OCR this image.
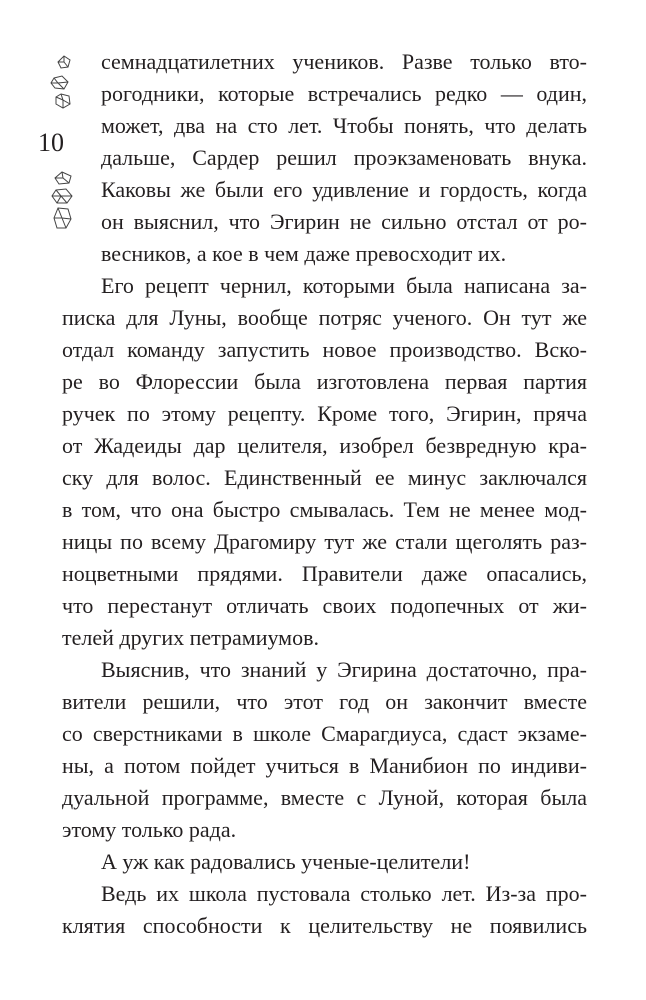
10
семнадцатилетних учеников. Разве только вто-
рогодники, которые встречались редко — один,
может, два на сто лет. Чтобы понять, что делать
дальше, Сардер решил проэкзаменовать внука.
Каковы же были его удивление и гордость, когда
он выяснил, что Эгирин не сильно отстал от ро-
весников, а кое в чем даже превосходит их.
Его рецепт чернил, которыми была написана за-
писка для Луны, вообще потряс ученого. Он тут же
отдал команду запустить новое производство. Вско-
ре во Флорессии была изготовлена первая партия
ручек по этому рецепту. Кроме того, Эгирин, пряча
от Жадеиды дар целителя, изобрел безвредную кра-
ску для волос. Единственный ее минус заключался
в том, что она быстро смывалась. Тем не менее мод-
ницы по всему Драгомиру тут же стали щеголять раз-
ноцветными прядями. Правители даже опасались,
что перестанут отличать своих подопечных от жи-
телей других петрамиумов.
Выяснив, что знаний у Эгирина достаточно, пра-
вители решили, что этот год он закончит вместе
со сверстниками в школе Смарагдиуса, сдаст экзаме-
ны, а потом пойдет учиться в Манибион по индиви-
дуальной программе, вместе с Луной, которая была
этому только рада.
А уж как радовались ученые-целители!
Ведь их школа пустовала столько лет. Из-за про-
клятия способности к целительству не появились
